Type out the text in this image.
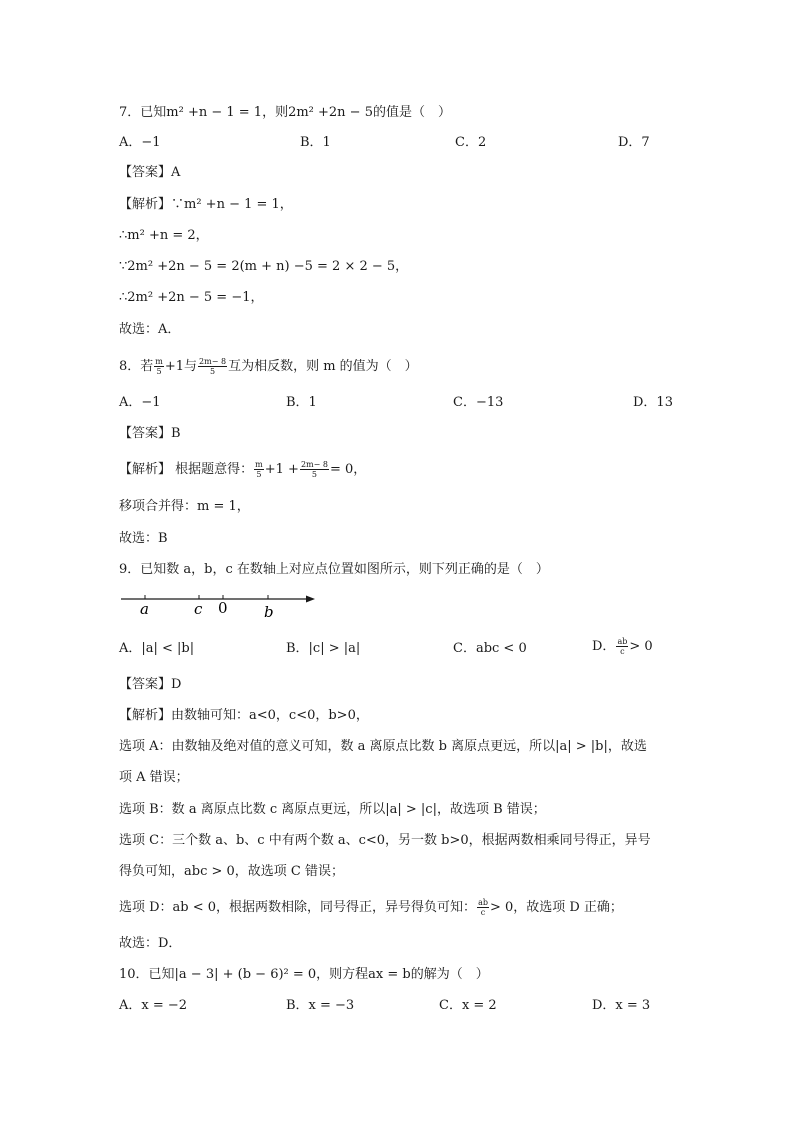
7．已知m² +n − 1 = 1，则2m² +2n − 5的值是（　）
A．−1	B．1	C．2	D．7
【答案】A
【解析】∵m² +n − 1 = 1，
∴m² +n = 2，
∵2m² +2n − 5 = 2(m + n) −5 = 2 × 2 − 5，
∴2m² +2n − 5 = −1，
故选：A．
8．若 $\frac{m}{5} +1$与 $\frac{2m- 8}{5}$ 互为相反数，则 m 的值为（　）
A．−1	B．1	C．−13	D．13
【答案】B
【解析】 根据题意得： $\frac{m}{5} +1 + \frac{2m- 8}{5} = 0$，
移项合并得：m = 1，
故选：B
9．已知数 a，b，c 在数轴上对应点位置如图所示，则下列正确的是（　）
a	c 0 b
A．|a| < |b|	B．|c| > |a|	C．abc < 0	D． $\frac{ab}{c} > 0$
【答案】D
【解析】由数轴可知：a<0，c<0，b>0，
选项 A：由数轴及绝对值的意义可知，数 a 离原点比数 b 离原点更远，所以|a| > |b|，故选
项 A 错误；
选项 B：数 a 离原点比数 c 离原点更远，所以|a| > |c|，故选项 B 错误；
选项 C：三个数 a、b、c 中有两个数 a、c<0，另一数 b>0，根据两数相乘同号得正，异号
得负可知，abc > 0，故选项 C 错误；
选项 D：ab < 0，根据两数相除，同号得正，异号得负可知： $\frac{ab}{c} > 0$，故选项 D 正确；
故选：D．
10．已知|a − 3| + (b − 6)² = 0，则方程ax = b的解为（　）
A．x = −2	B．x = −3	C．x = 2	D．x = 3
